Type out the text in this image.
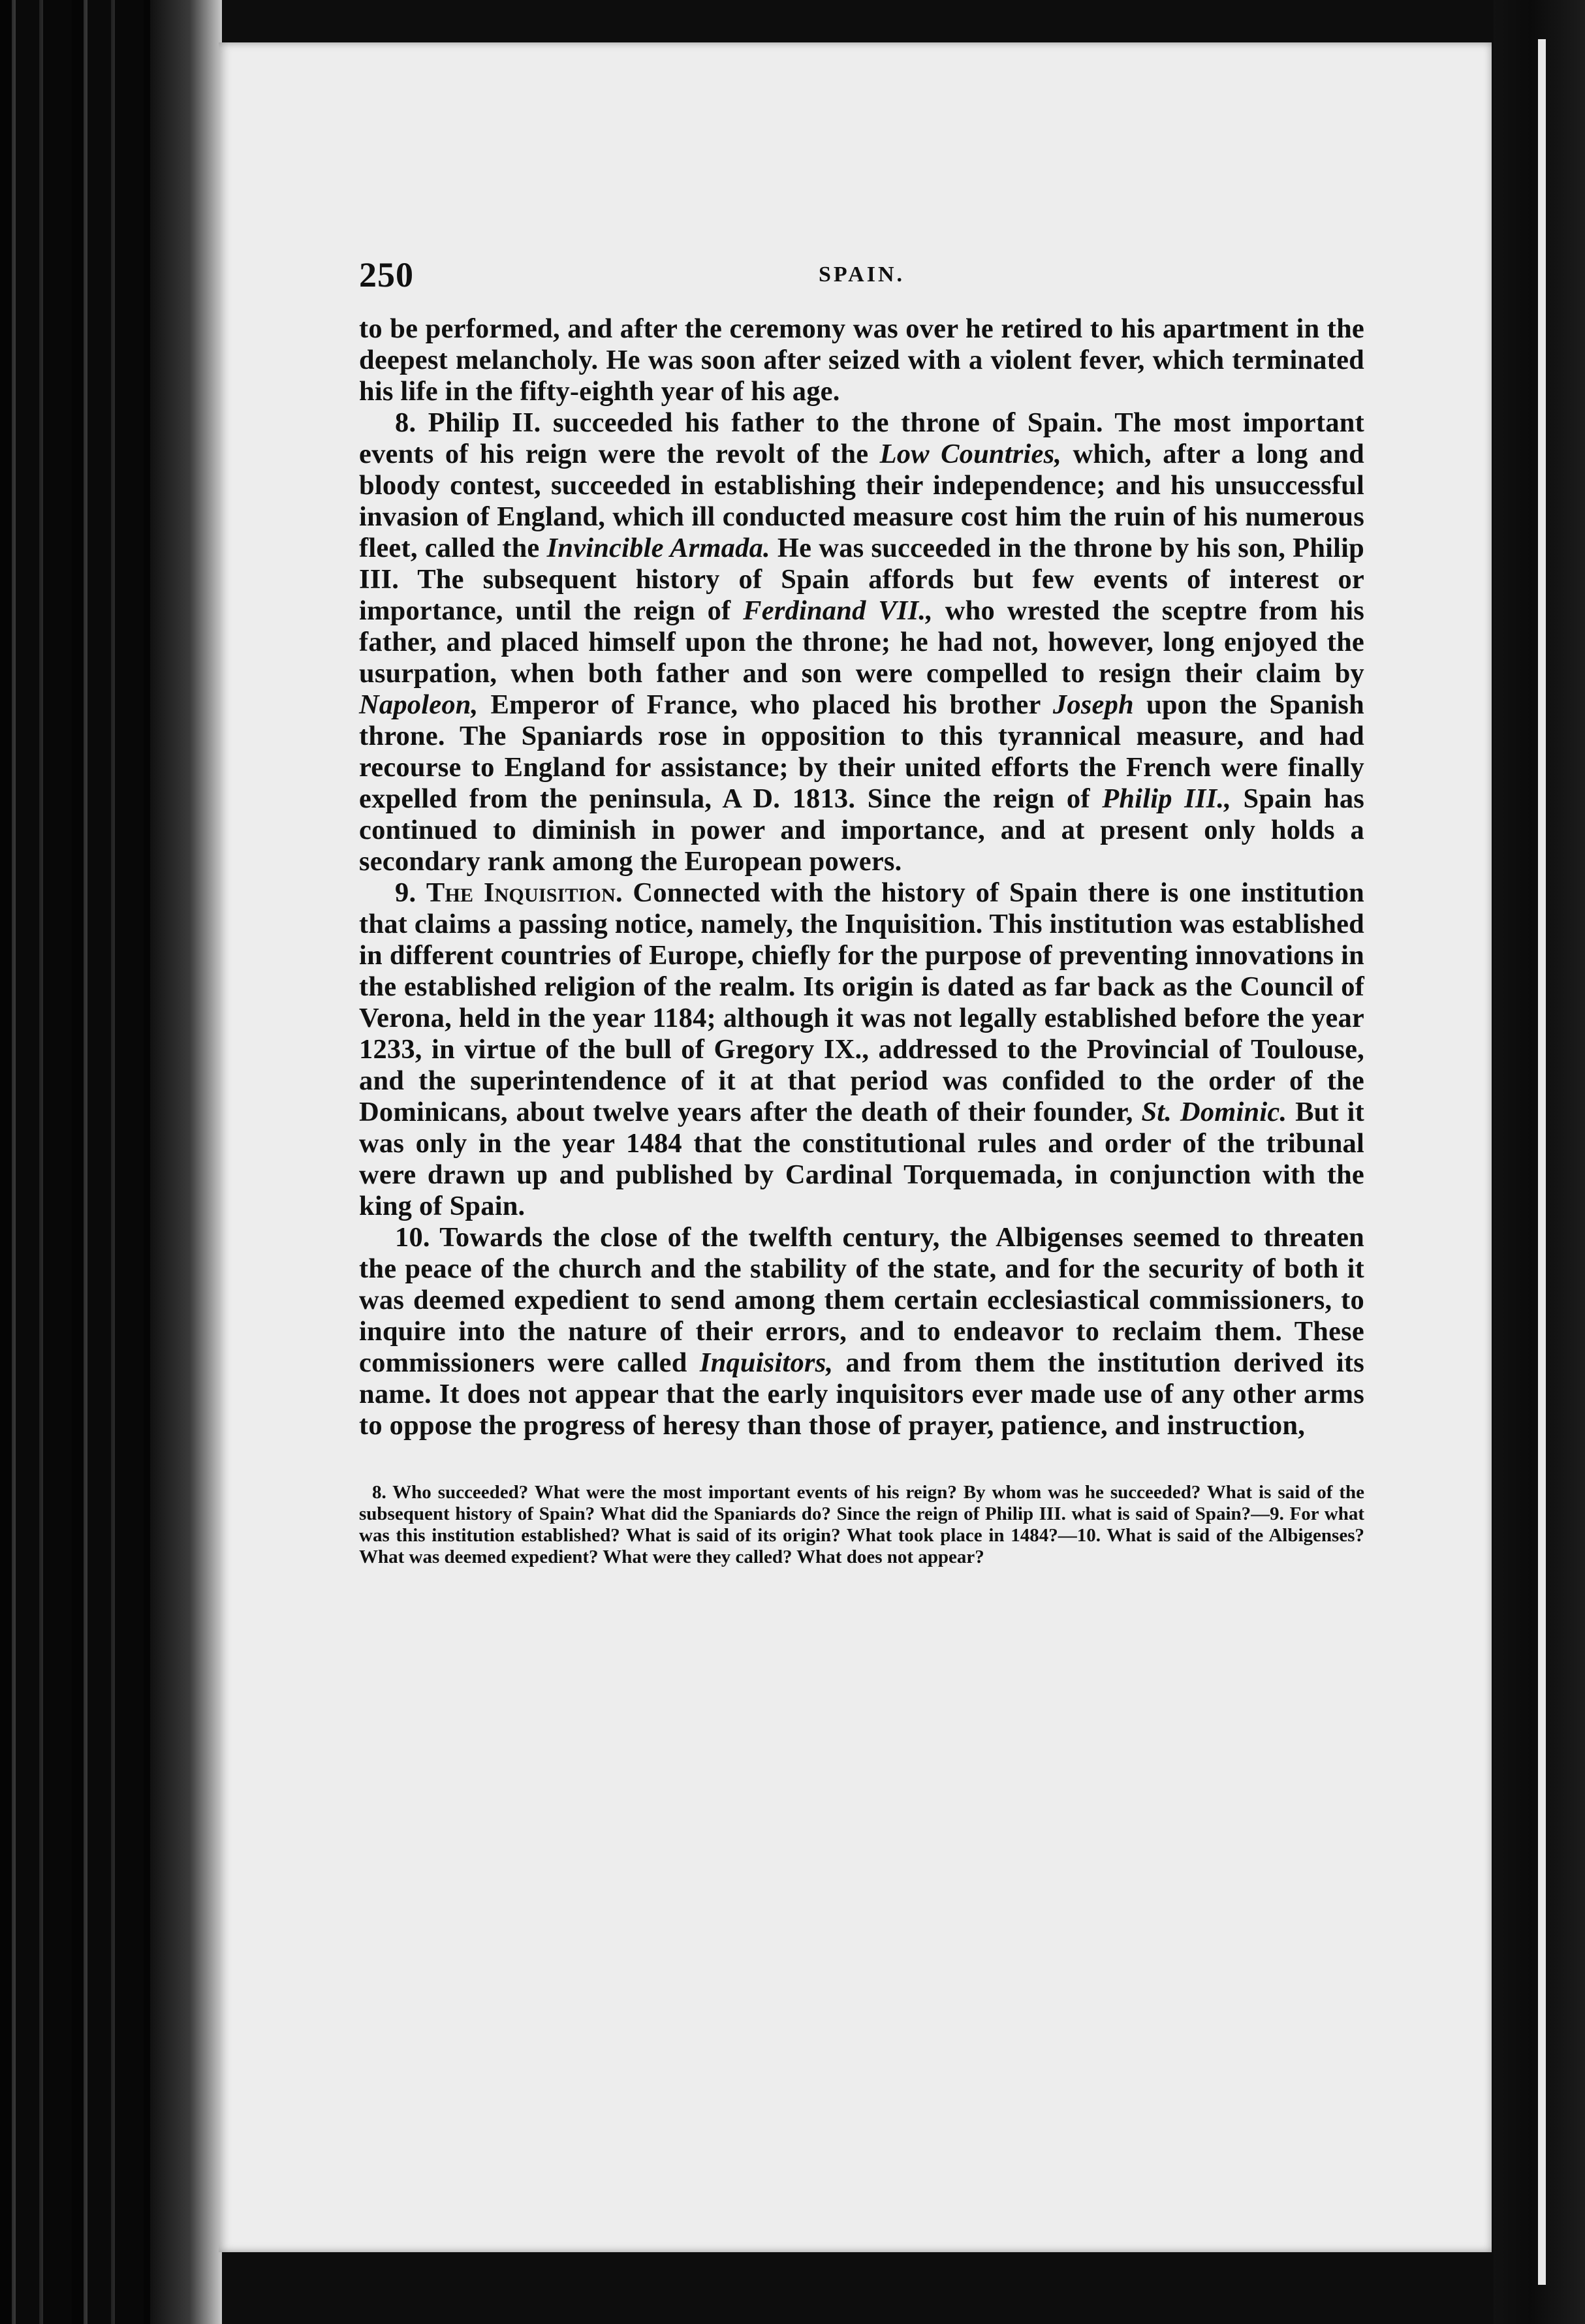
250	SPAIN.

to be performed, and after the ceremony was over he retired to his apartment in the deepest melancholy. He was soon after seized with a violent fever, which terminated his life in the fifty-eighth year of his age.

8. Philip II. succeeded his father to the throne of Spain. The most important events of his reign were the revolt of the Low Countries, which, after a long and bloody contest, succeeded in establishing their independence; and his unsuccessful invasion of England, which ill conducted measure cost him the ruin of his numerous fleet, called the Invincible Armada. He was succeeded in the throne by his son, Philip III. The subsequent history of Spain affords but few events of interest or importance, until the reign of Ferdinand VII., who wrested the sceptre from his father, and placed himself upon the throne; he had not, however, long enjoyed the usurpation, when both father and son were compelled to resign their claim by Napoleon, Emperor of France, who placed his brother Joseph upon the Spanish throne. The Spaniards rose in opposition to this tyrannical measure, and had recourse to England for assistance; by their united efforts the French were finally expelled from the peninsula, A D. 1813. Since the reign of Philip III., Spain has continued to diminish in power and importance, and at present only holds a secondary rank among the European powers.

9. The Inquisition. Connected with the history of Spain there is one institution that claims a passing notice, namely, the Inquisition. This institution was established in different countries of Europe, chiefly for the purpose of preventing innovations in the established religion of the realm. Its origin is dated as far back as the Council of Verona, held in the year 1184; although it was not legally established before the year 1233, in virtue of the bull of Gregory IX., addressed to the Provincial of Toulouse, and the superintendence of it at that period was confided to the order of the Dominicans, about twelve years after the death of their founder, St. Dominic. But it was only in the year 1484 that the constitutional rules and order of the tribunal were drawn up and published by Cardinal Torquemada, in conjunction with the king of Spain.

10. Towards the close of the twelfth century, the Albigenses seemed to threaten the peace of the church and the stability of the state, and for the security of both it was deemed expedient to send among them certain ecclesiastical commissioners, to inquire into the nature of their errors, and to endeavor to reclaim them. These commissioners were called Inquisitors, and from them the institution derived its name. It does not appear that the early inquisitors ever made use of any other arms to oppose the progress of heresy than those of prayer, patience, and instruction,

8. Who succeeded? What were the most important events of his reign? By whom was he succeeded? What is said of the subsequent history of Spain? What did the Spaniards do? Since the reign of Philip III. what is said of Spain?—9. For what was this institution established? What is said of its origin? What took place in 1484?—10. What is said of the Albigenses? What was deemed expedient? What were they called? What does not appear?
